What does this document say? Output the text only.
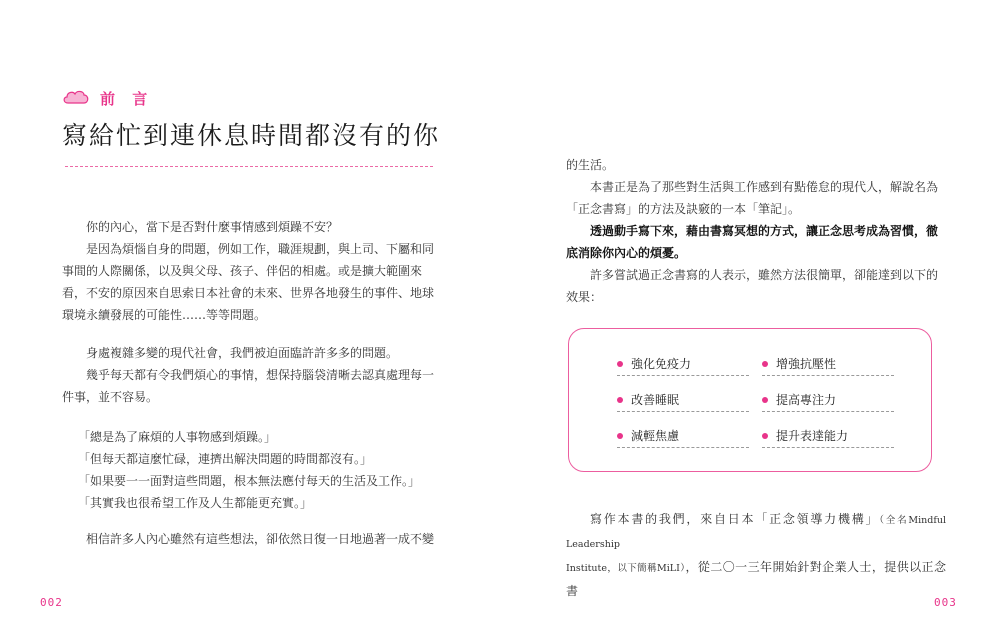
前 言
寫給忙到連休息時間都沒有的你

你的內心，當下是否對什麼事情感到煩躁不安？

是因為煩惱自身的問題，例如工作，職涯規劃，與上司、下屬和同

事間的人際關係，以及與父母、孩子、伴侶的相處。或是擴大範圍來

看，不安的原因來自思索日本社會的未來、世界各地發生的事件、地球

環境永續發展的可能性……等等問題。

身處複雜多變的現代社會，我們被迫面臨許許多多的問題。

幾乎每天都有令我們煩心的事情，想保持腦袋清晰去認真處理每一

件事，並不容易。

「總是為了麻煩的人事物感到煩躁。」

「但每天都這麼忙碌，連擠出解決問題的時間都沒有。」

「如果要一一面對這些問題，根本無法應付每天的生活及工作。」

「其實我也很希望工作及人生都能更充實。」

相信許多人內心雖然有這些想法，卻依然日復一日地過著一成不變

002

的生活。

本書正是為了那些對生活與工作感到有點倦怠的現代人，解說名為

「正念書寫」的方法及訣竅的一本「筆記」。

透過動手寫下來，藉由書寫冥想的方式，讓正念思考成為習慣，徹

底消除你內心的煩憂。

許多嘗試過正念書寫的人表示，雖然方法很簡單，卻能達到以下的

效果：

強化免疫力
改善睡眠
減輕焦慮
增強抗壓性
提高專注力
提升表達能力

寫作本書的我們，來自日本「正念領導力機構」（全名Mindful Leadership

Institute，以下簡稱MiLI），從二〇一三年開始針對企業人士，提供以正念書

003
